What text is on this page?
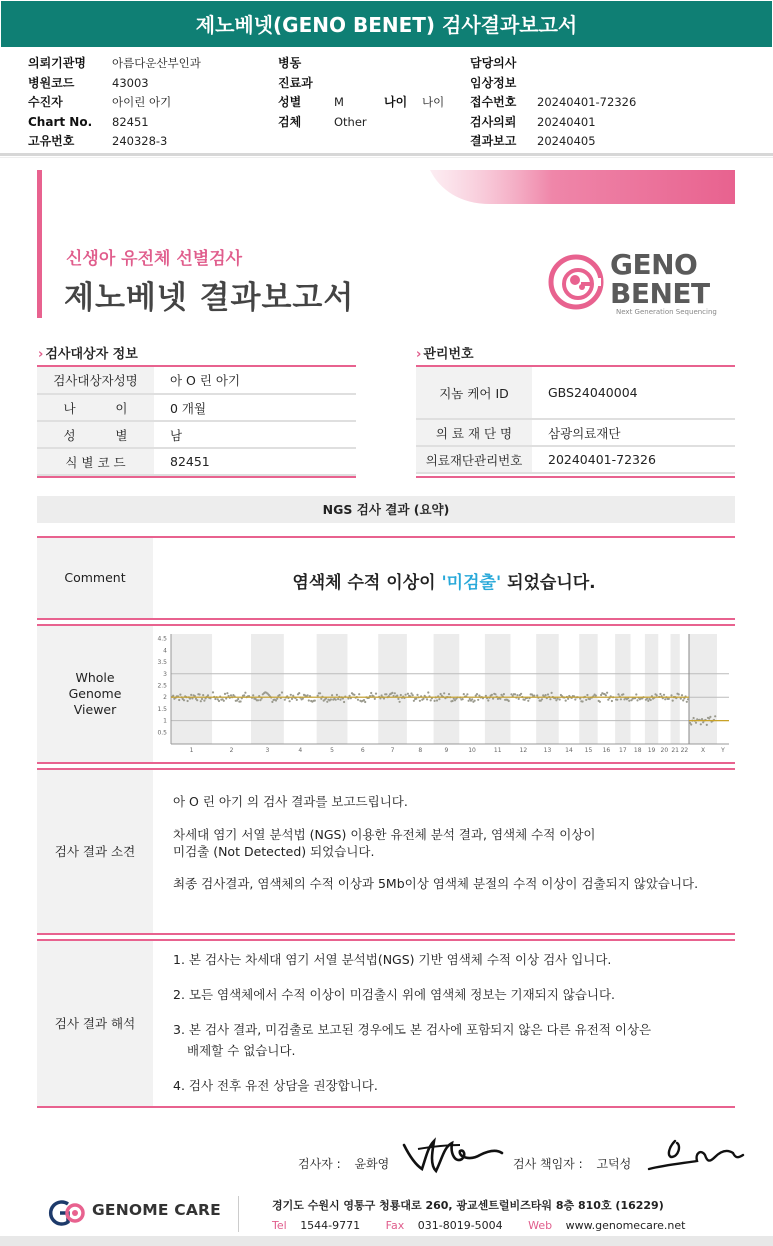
제노베넷(GENO BENET) 검사결과보고서
의뢰기관명 아름다운산부인과
병원코드	43003
수진자	아이린 아기
Chart No. 82451
고유번호	240328-3
병동
진료과
성별	M	나이 나이
검체	Other
담당의사
임상정보
접수번호 20240401-72326
검사의뢰 20240401
결과보고 20240405
신생아 유전체 선별검사
제노베넷 결과보고서
GENO
BENET
Next Generation Sequencing
› 검사대상자 정보
검사대상자성명	아 O 린 아기
나          이	0 개월
성          별	남
식 별 코 드	82451
› 관리번호
지놈 케어 ID	GBS24040004
의 료 재 단 명	삼광의료재단
의료재단관리번호	20240401-72326
NGS 검사 결과 (요약)
Comment	염색체 수적 이상이 '미검출' 되었습니다.
Whole Genome Viewer
4.5
4
3.5
3
2.5
2
1.5
1
0.5
1	2	3	4	5	6	7	8	9	10	11	12	13 14 15 16 17 18 19 20 21 22 X	Y
검사 결과 소견
아 O 린 아기 의 검사 결과를 보고드립니다.
차세대 염기 서열 분석법 (NGS) 이용한 유전체 분석 결과, 염색체 수적 이상이
미검출 (Not Detected) 되었습니다.
최종 검사결과, 염색체의 수적 이상과 5Mb이상 염색체 분절의 수적 이상이 검출되지 않았습니다.
검사 결과 해석
1. 본 검사는 차세대 염기 서열 분석법(NGS) 기반 염색체 수적 이상 검사 입니다.
2. 모든 염색체에서 수적 이상이 미검출시 위에 염색체 정보는 기재되지 않습니다.
3. 본 검사 결과, 미검출로 보고된 경우에도 본 검사에 포함되지 않은 다른 유전적 이상은
배제할 수 없습니다.
4. 검사 전후 유전 상담을 권장합니다.
검사자 : 윤화영	검사 책임자 : 고덕성
GENOME CARE	경기도 수원시 영통구 청룡대로 260, 광교센트럴비즈타워 8층 810호 (16229)
Tel 1544-9771 Fax 031-8019-5004 Web www.genomecare.net
